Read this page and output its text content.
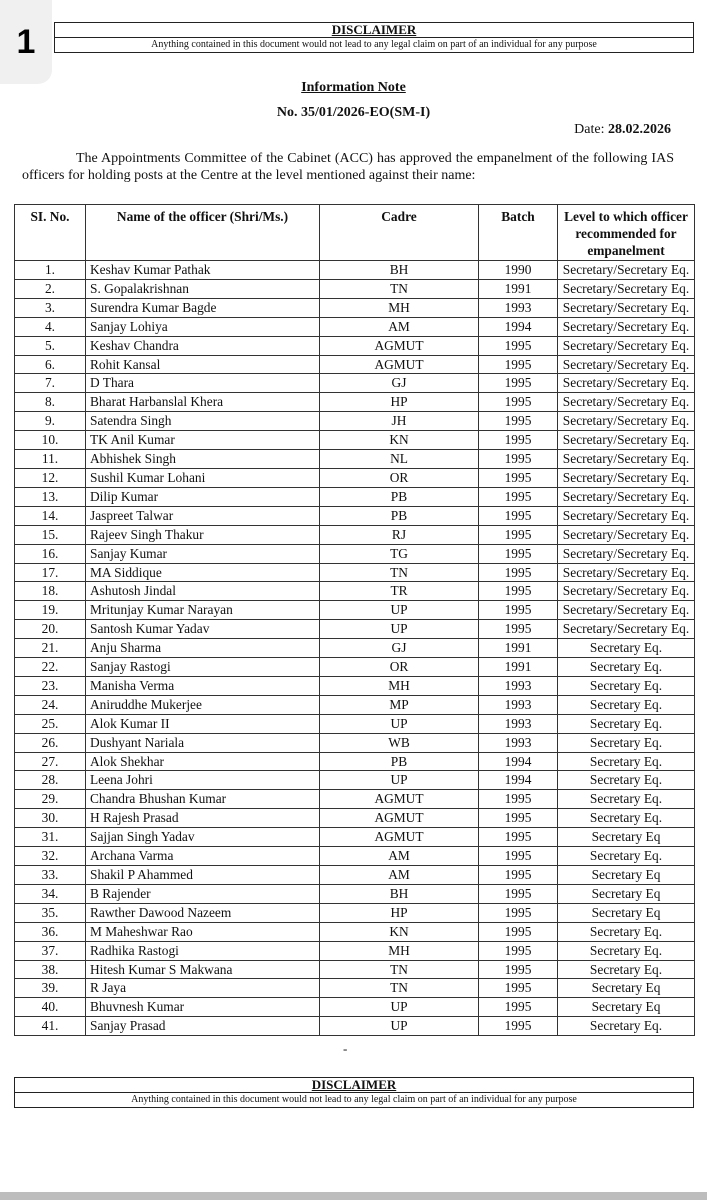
1	DISCLAIMER
Anything contained in this document would not lead to any legal claim on part of an individual for any purpose
Information Note
No. 35/01/2026-EO(SM-I)
Date: 28.02.2026
The Appointments Committee of the Cabinet (ACC) has approved the empanelment of the following IAS officers for holding posts at the Centre at the level mentioned against their name:
SI. No.	Name of the officer (Shri/Ms.)	Cadre	Batch	Level to which officer recommended for empanelment
1.	Keshav Kumar Pathak	BH	1990	Secretary/Secretary Eq.
2.	S. Gopalakrishnan	TN	1991	Secretary/Secretary Eq.
3.	Surendra Kumar Bagde	MH	1993	Secretary/Secretary Eq.
4.	Sanjay Lohiya	AM	1994	Secretary/Secretary Eq.
5.	Keshav Chandra	AGMUT	1995	Secretary/Secretary Eq.
6.	Rohit Kansal	AGMUT	1995	Secretary/Secretary Eq.
7.	D Thara	GJ	1995	Secretary/Secretary Eq.
8.	Bharat Harbanslal Khera	HP	1995	Secretary/Secretary Eq.
9.	Satendra Singh	JH	1995	Secretary/Secretary Eq.
10.	TK Anil Kumar	KN	1995	Secretary/Secretary Eq.
11.	Abhishek Singh	NL	1995	Secretary/Secretary Eq.
12.	Sushil Kumar Lohani	OR	1995	Secretary/Secretary Eq.
13.	Dilip Kumar	PB	1995	Secretary/Secretary Eq.
14.	Jaspreet Talwar	PB	1995	Secretary/Secretary Eq.
15.	Rajeev Singh Thakur	RJ	1995	Secretary/Secretary Eq.
16.	Sanjay Kumar	TG	1995	Secretary/Secretary Eq.
17.	MA Siddique	TN	1995	Secretary/Secretary Eq.
18.	Ashutosh Jindal	TR	1995	Secretary/Secretary Eq.
19.	Mritunjay Kumar Narayan	UP	1995	Secretary/Secretary Eq.
20.	Santosh Kumar Yadav	UP	1995	Secretary/Secretary Eq.
21.	Anju Sharma	GJ	1991	Secretary Eq.
22.	Sanjay Rastogi	OR	1991	Secretary Eq.
23.	Manisha Verma	MH	1993	Secretary Eq.
24.	Aniruddhe Mukerjee	MP	1993	Secretary Eq.
25.	Alok Kumar II	UP	1993	Secretary Eq.
26.	Dushyant Nariala	WB	1993	Secretary Eq.
27.	Alok Shekhar	PB	1994	Secretary Eq.
28.	Leena Johri	UP	1994	Secretary Eq.
29.	Chandra Bhushan Kumar	AGMUT	1995	Secretary Eq.
30.	H Rajesh Prasad	AGMUT	1995	Secretary Eq.
31.	Sajjan Singh Yadav	AGMUT	1995	Secretary Eq
32.	Archana Varma	AM	1995	Secretary Eq.
33.	Shakil P Ahammed	AM	1995	Secretary Eq
34.	B Rajender	BH	1995	Secretary Eq
35.	Rawther Dawood Nazeem	HP	1995	Secretary Eq
36.	M Maheshwar Rao	KN	1995	Secretary Eq.
37.	Radhika Rastogi	MH	1995	Secretary Eq.
38.	Hitesh Kumar S Makwana	TN	1995	Secretary Eq.
39.	R Jaya	TN	1995	Secretary Eq
40.	Bhuvnesh Kumar	UP	1995	Secretary Eq
41.	Sanjay Prasad	UP	1995	Secretary Eq.
-
DISCLAIMER
Anything contained in this document would not lead to any legal claim on part of an individual for any purpose
